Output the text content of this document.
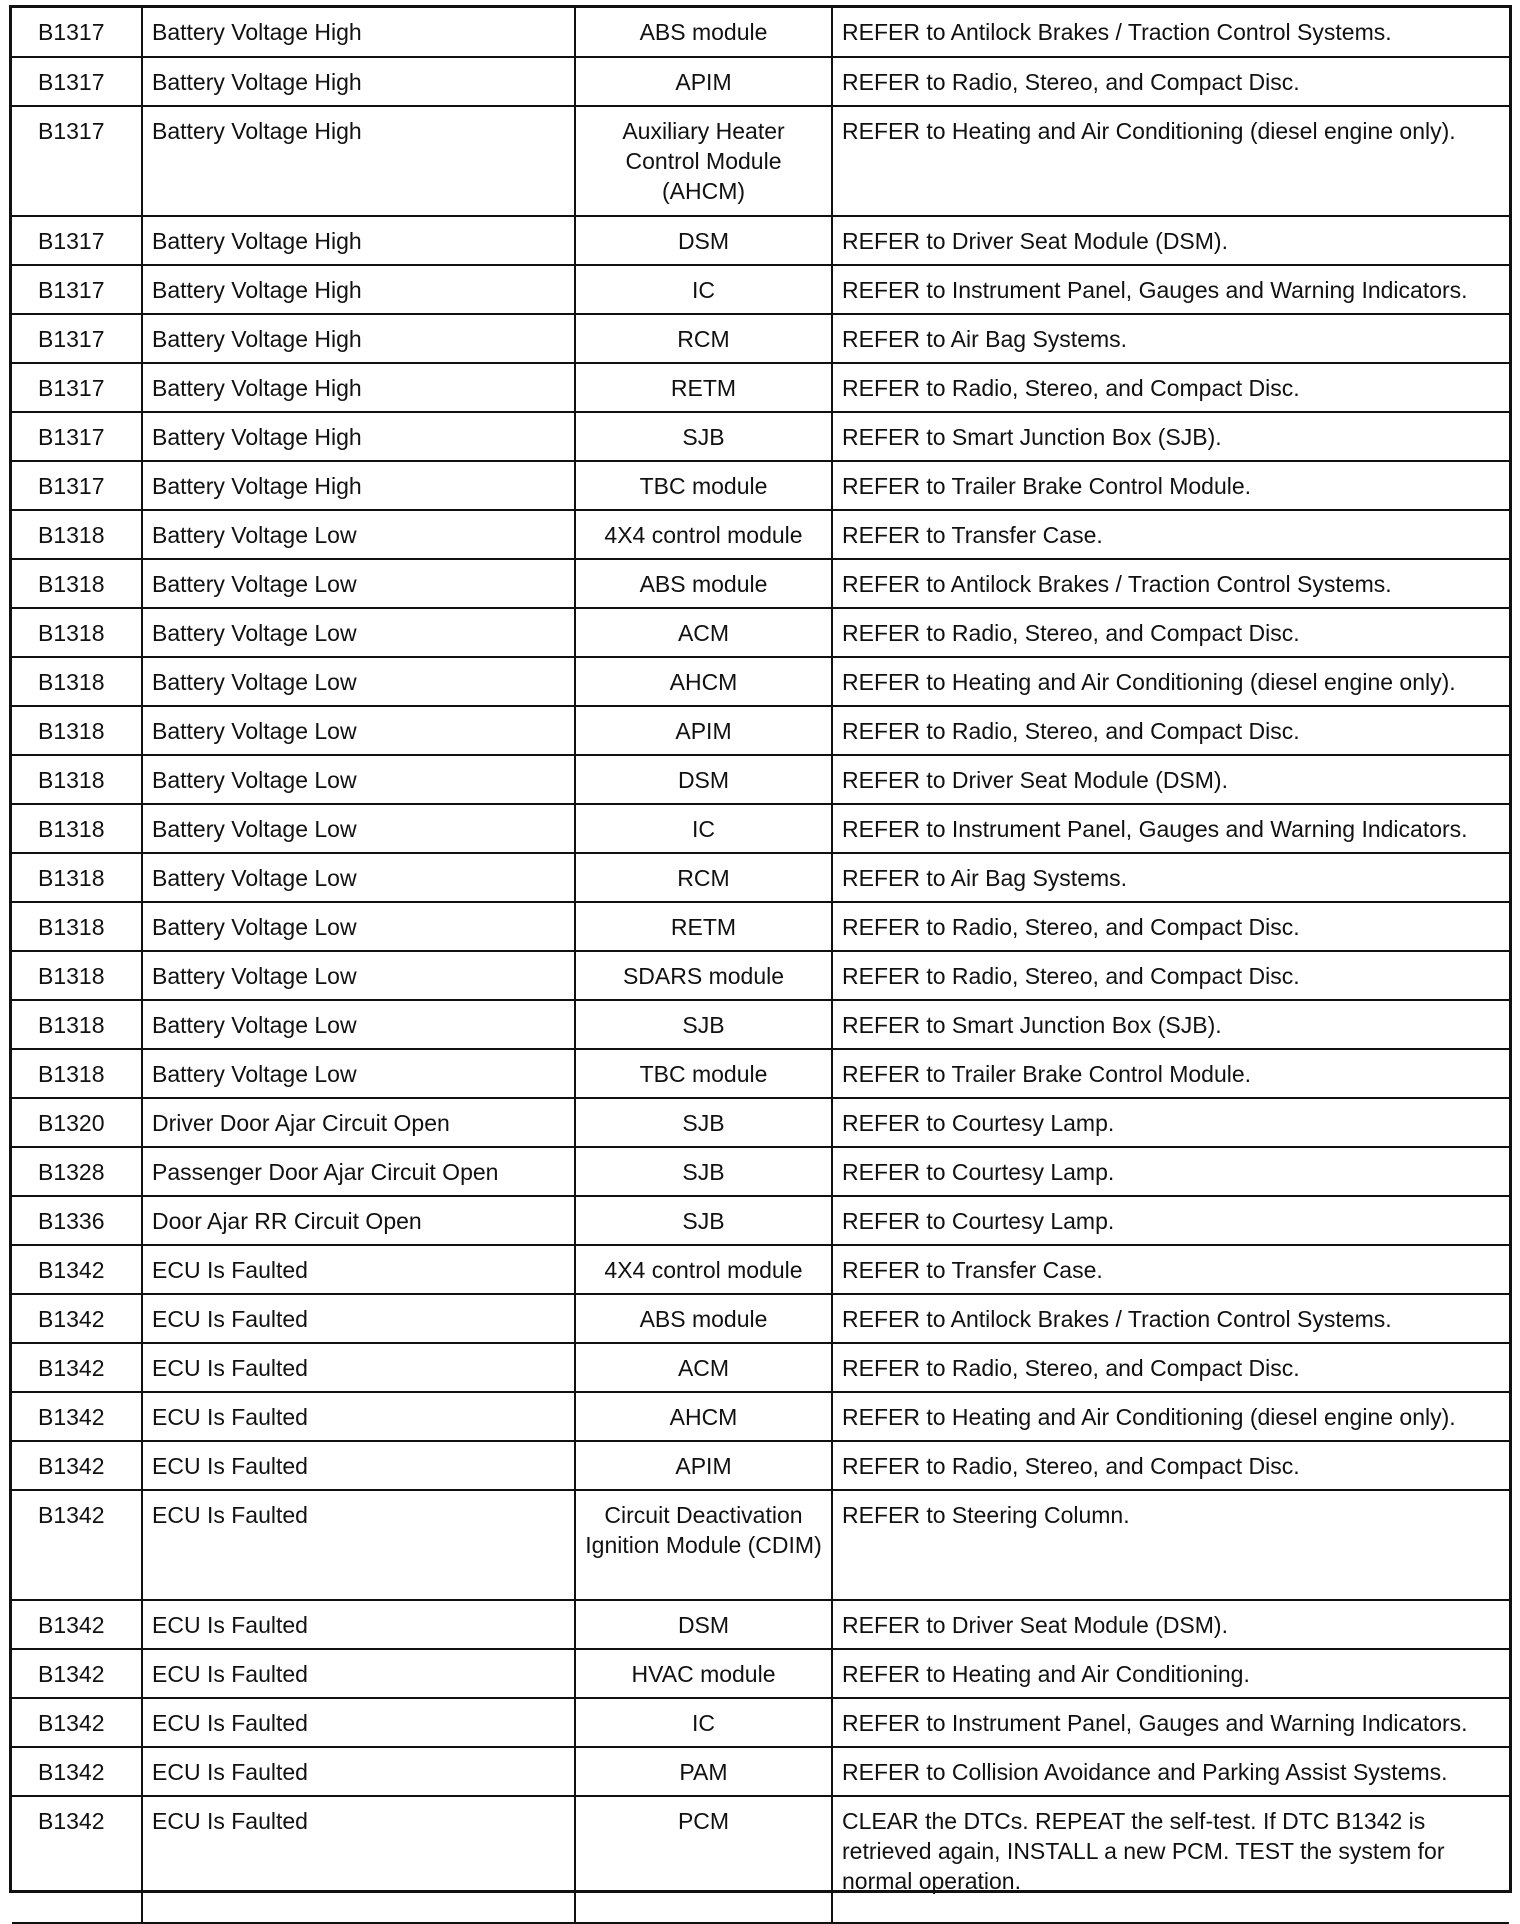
B1317	Battery Voltage High	ABS module	REFER to Antilock Brakes / Traction Control Systems.
B1317	Battery Voltage High	APIM	REFER to Radio, Stereo, and Compact Disc.
B1317	Battery Voltage High	Auxiliary Heater Control Module (AHCM)	REFER to Heating and Air Conditioning (diesel engine only).
B1317	Battery Voltage High	DSM	REFER to Driver Seat Module (DSM).
B1317	Battery Voltage High	IC	REFER to Instrument Panel, Gauges and Warning Indicators.
B1317	Battery Voltage High	RCM	REFER to Air Bag Systems.
B1317	Battery Voltage High	RETM	REFER to Radio, Stereo, and Compact Disc.
B1317	Battery Voltage High	SJB	REFER to Smart Junction Box (SJB).
B1317	Battery Voltage High	TBC module	REFER to Trailer Brake Control Module.
B1318	Battery Voltage Low	4X4 control module	REFER to Transfer Case.
B1318	Battery Voltage Low	ABS module	REFER to Antilock Brakes / Traction Control Systems.
B1318	Battery Voltage Low	ACM	REFER to Radio, Stereo, and Compact Disc.
B1318	Battery Voltage Low	AHCM	REFER to Heating and Air Conditioning (diesel engine only).
B1318	Battery Voltage Low	APIM	REFER to Radio, Stereo, and Compact Disc.
B1318	Battery Voltage Low	DSM	REFER to Driver Seat Module (DSM).
B1318	Battery Voltage Low	IC	REFER to Instrument Panel, Gauges and Warning Indicators.
B1318	Battery Voltage Low	RCM	REFER to Air Bag Systems.
B1318	Battery Voltage Low	RETM	REFER to Radio, Stereo, and Compact Disc.
B1318	Battery Voltage Low	SDARS module	REFER to Radio, Stereo, and Compact Disc.
B1318	Battery Voltage Low	SJB	REFER to Smart Junction Box (SJB).
B1318	Battery Voltage Low	TBC module	REFER to Trailer Brake Control Module.
B1320	Driver Door Ajar Circuit Open	SJB	REFER to Courtesy Lamp.
B1328	Passenger Door Ajar Circuit Open	SJB	REFER to Courtesy Lamp.
B1336	Door Ajar RR Circuit Open	SJB	REFER to Courtesy Lamp.
B1342	ECU Is Faulted	4X4 control module	REFER to Transfer Case.
B1342	ECU Is Faulted	ABS module	REFER to Antilock Brakes / Traction Control Systems.
B1342	ECU Is Faulted	ACM	REFER to Radio, Stereo, and Compact Disc.
B1342	ECU Is Faulted	AHCM	REFER to Heating and Air Conditioning (diesel engine only).
B1342	ECU Is Faulted	APIM	REFER to Radio, Stereo, and Compact Disc.
B1342	ECU Is Faulted	Circuit Deactivation Ignition Module (CDIM)	REFER to Steering Column.
B1342	ECU Is Faulted	DSM	REFER to Driver Seat Module (DSM).
B1342	ECU Is Faulted	HVAC module	REFER to Heating and Air Conditioning.
B1342	ECU Is Faulted	IC	REFER to Instrument Panel, Gauges and Warning Indicators.
B1342	ECU Is Faulted	PAM	REFER to Collision Avoidance and Parking Assist Systems.
B1342	ECU Is Faulted	PCM	CLEAR the DTCs. REPEAT the self-test. If DTC B1342 is retrieved again, INSTALL a new PCM. TEST the system for normal operation.
